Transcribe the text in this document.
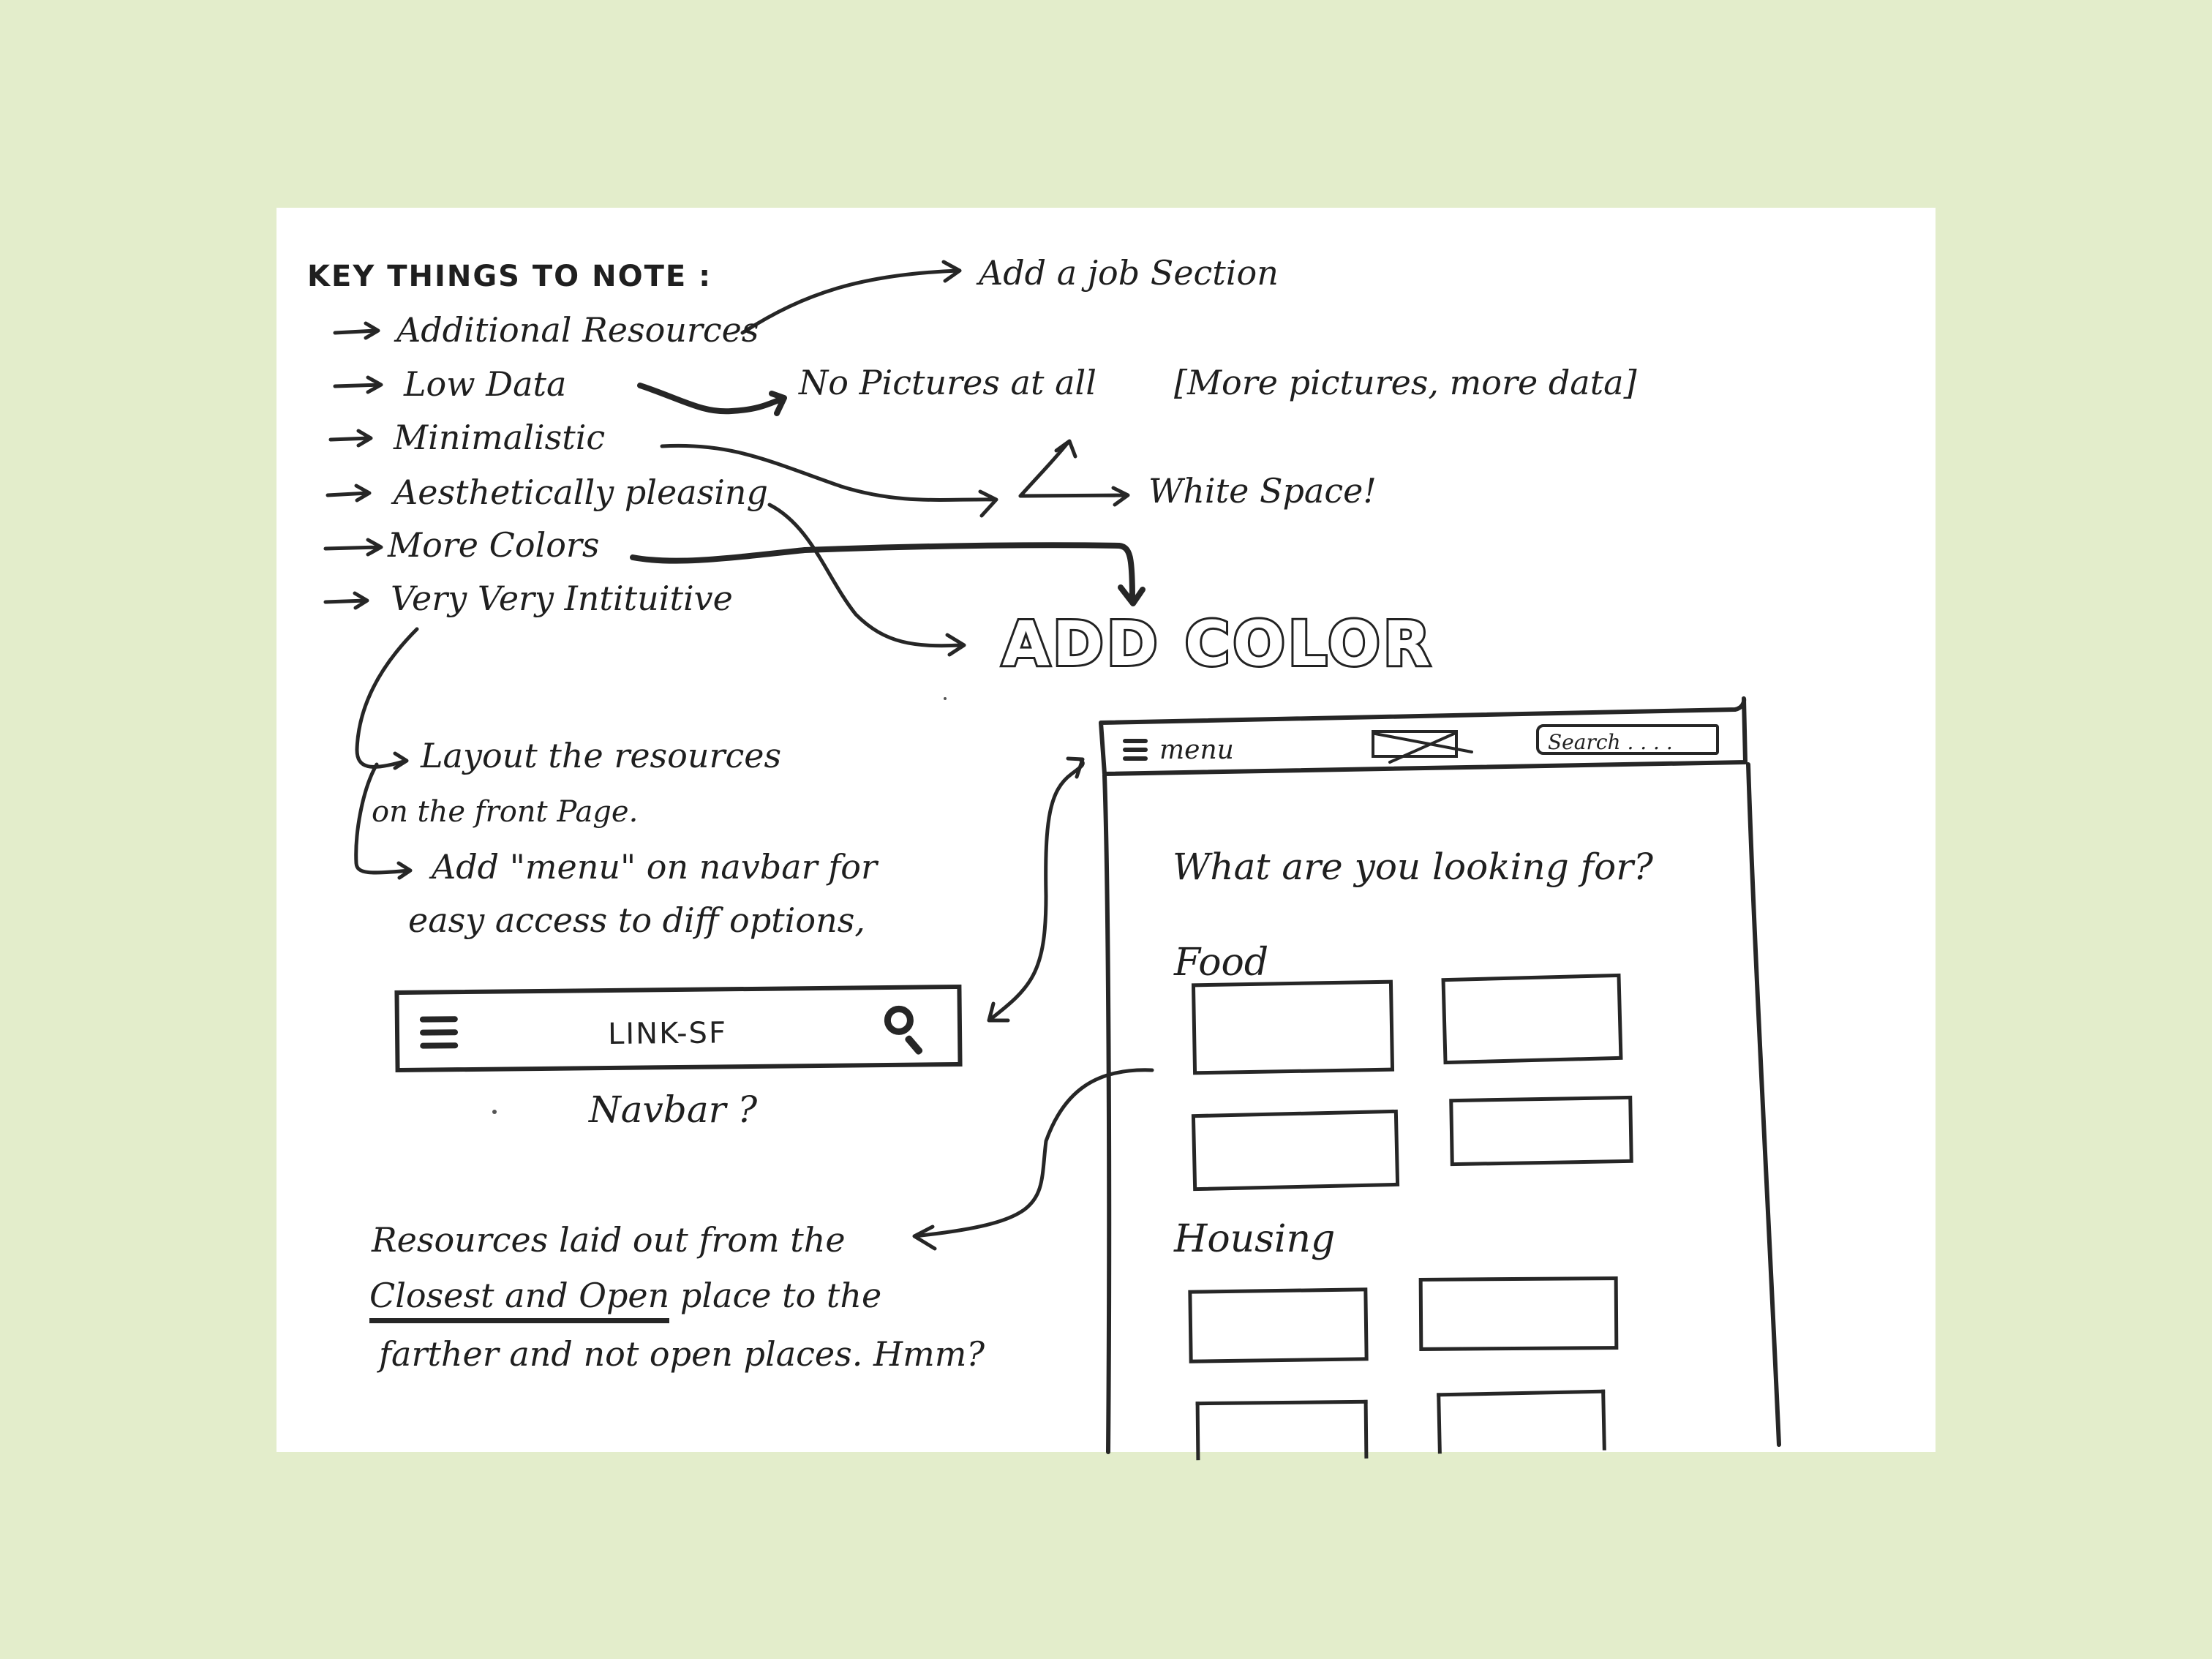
KEY THINGS TO NOTE :
Additional Resources
Low Data
Minimalistic
Aesthetically pleasing
More Colors
Very Very Intituitive
Add a job Section
No Pictures at all [More pictures, more data]
White Space!
ADD COLOR
Layout the resources
on the front Page.
Add "menu" on navbar for
easy access to diff options,
LINK-SF
Navbar ?
Resources laid out from the
Closest and Open place to the
farther and not open places. Hmm?
menu	Search . . . .
What are you looking for?
Food
Housing
